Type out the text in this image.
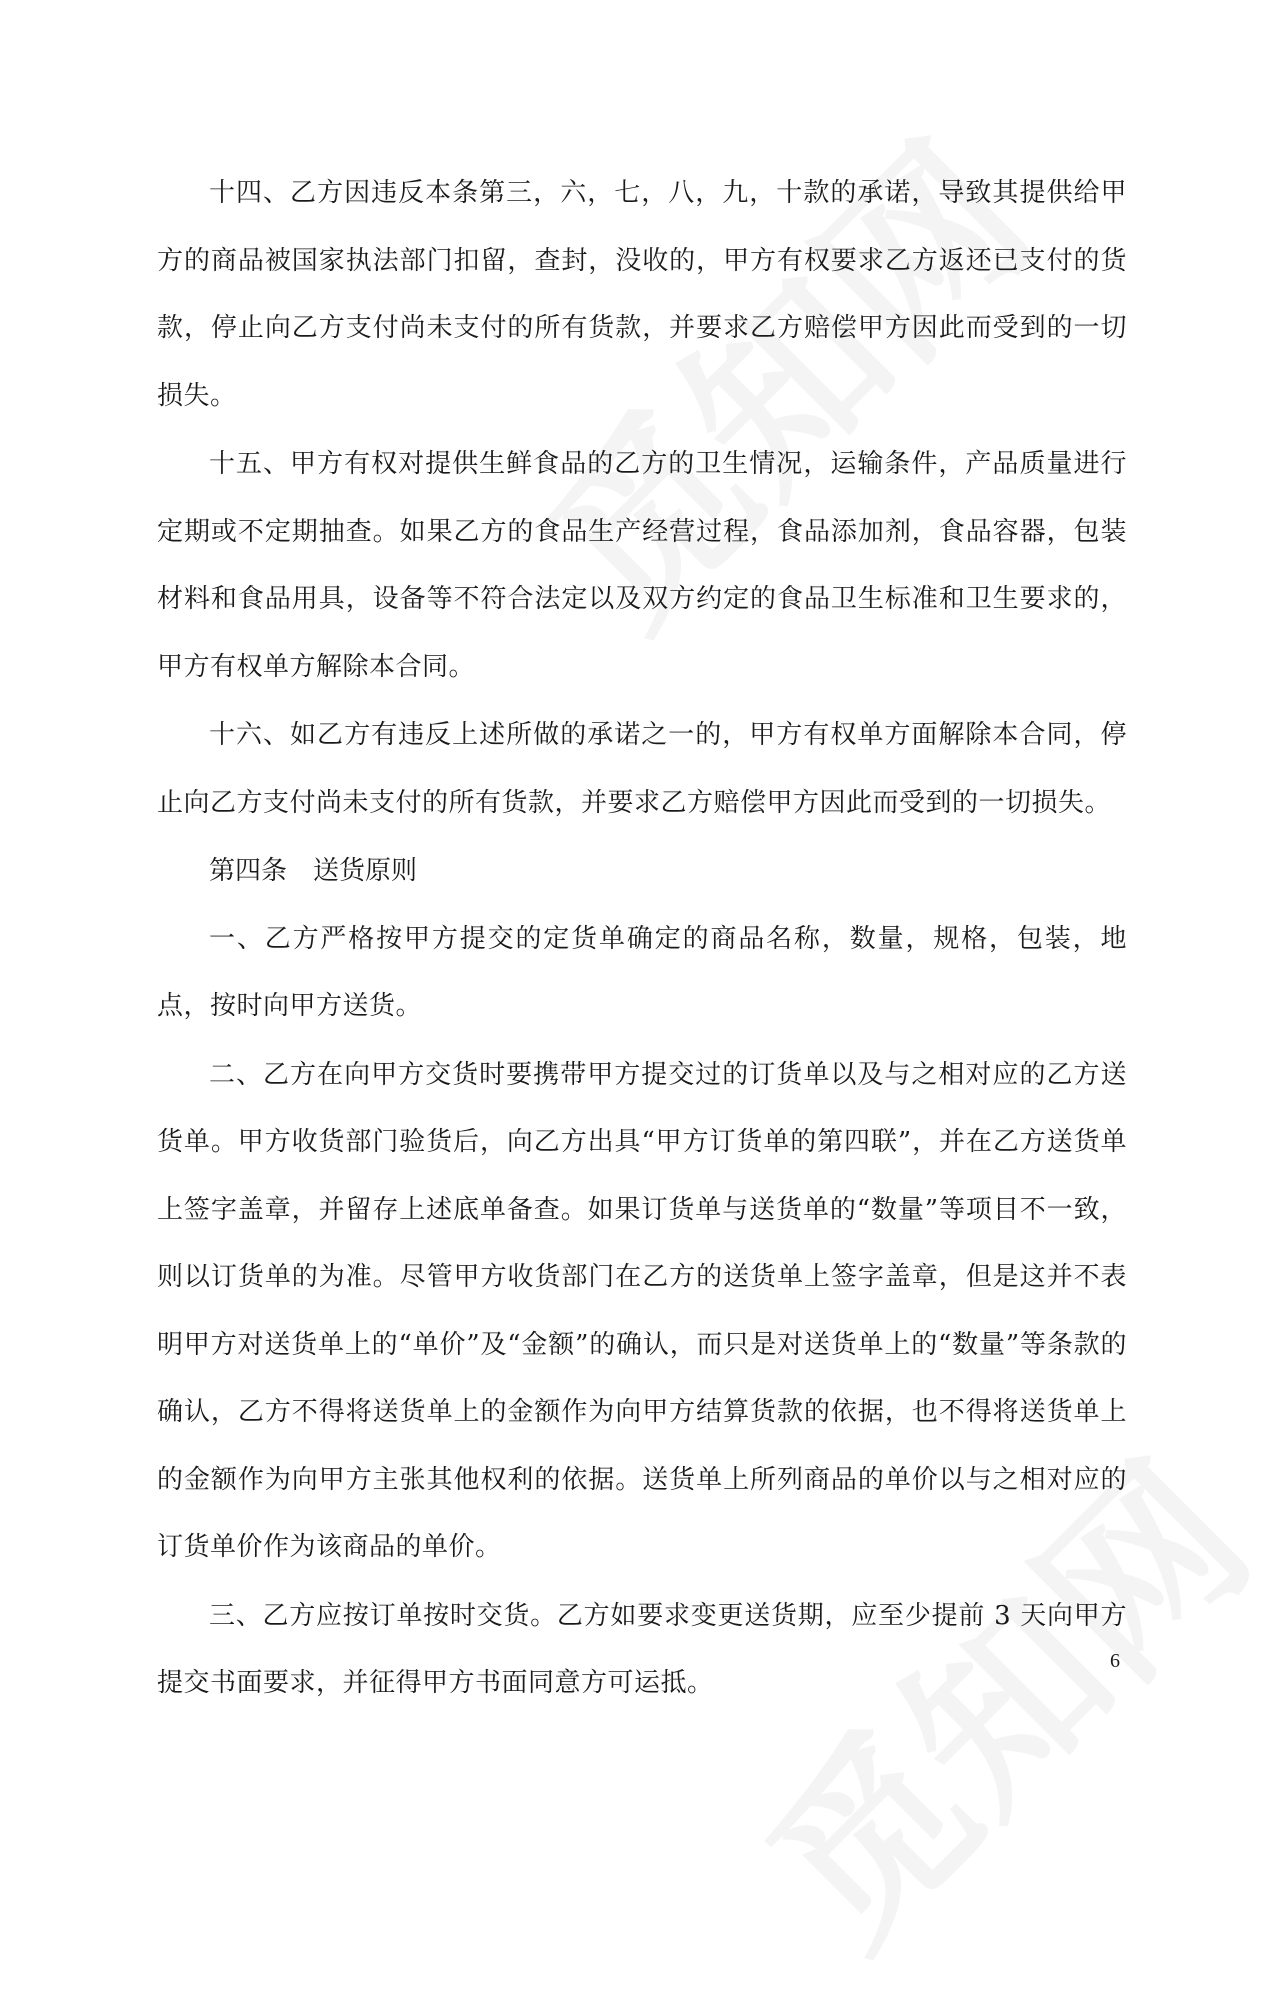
十四、乙方因违反本条第三，六，七，八，九，十款的承诺，导致其提供给甲方的商品被国家执法部门扣留，查封，没收的，甲方有权要求乙方返还已支付的货款，停止向乙方支付尚未支付的所有货款，并要求乙方赔偿甲方因此而受到的一切损失。

十五、甲方有权对提供生鲜食品的乙方的卫生情况，运输条件，产品质量进行定期或不定期抽查。如果乙方的食品生产经营过程，食品添加剂，食品容器，包装材料和食品用具，设备等不符合法定以及双方约定的食品卫生标准和卫生要求的，甲方有权单方解除本合同。

十六、如乙方有违反上述所做的承诺之一的，甲方有权单方面解除本合同，停止向乙方支付尚未支付的所有货款，并要求乙方赔偿甲方因此而受到的一切损失。

第四条　送货原则

一、乙方严格按甲方提交的定货单确定的商品名称，数量，规格，包装，地点，按时向甲方送货。

二、乙方在向甲方交货时要携带甲方提交过的订货单以及与之相对应的乙方送货单。甲方收货部门验货后，向乙方出具“甲方订货单的第四联”，并在乙方送货单上签字盖章，并留存上述底单备查。如果订货单与送货单的“数量”等项目不一致，则以订货单的为准。尽管甲方收货部门在乙方的送货单上签字盖章，但是这并不表明甲方对送货单上的“单价”及“金额”的确认，而只是对送货单上的“数量”等条款的确认，乙方不得将送货单上的金额作为向甲方结算货款的依据，也不得将送货单上的金额作为向甲方主张其他权利的依据。送货单上所列商品的单价以与之相对应的订货单价作为该商品的单价。

三、乙方应按订单按时交货。乙方如要求变更送货期，应至少提前 3 天向甲方提交书面要求，并征得甲方书面同意方可运抵。

6
